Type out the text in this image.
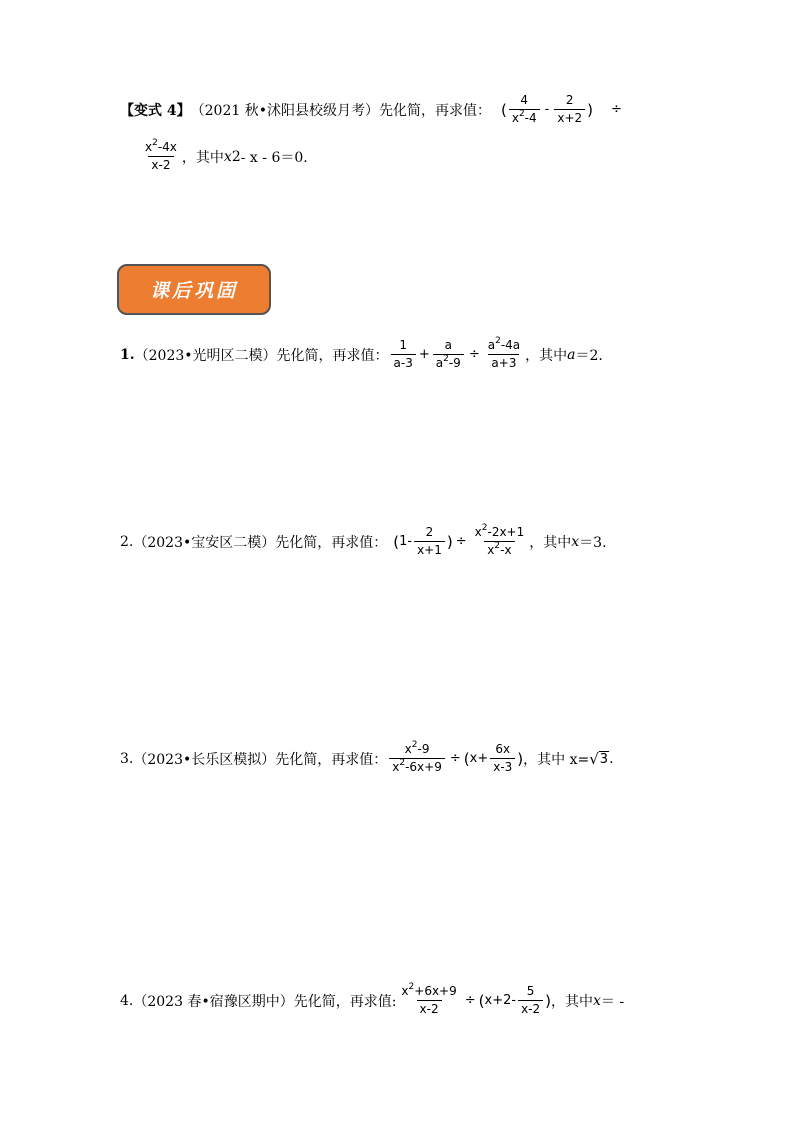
【变式 4】 （2021 秋•沭阳县校级月考） 先化简，再求值： ( $\frac{4}{x^2-4} - \frac{2}{x+2}$ ) ÷
$\frac{x^2-4x}{x-2}$ ，其中 x 2 - x - 6＝0.
课后巩固
1. （2023•光明区二模） 先化简，再求值： $\frac{1}{a-3} + \frac{a}{a^2-9} \div \frac{a^2-4a}{a+3}$ ，其中 a ＝2.
2. （2023•宝安区二模） 先化简，再求值： ( $1- \frac{2}{x+1}$ ) ÷ $\frac{x^2-2x+1}{x^2-x}$ ，其中 x ＝3.
3. （2023•长乐区模拟） 先化简，再求值： $\frac{x^2-9}{x^2-6x+9}$ ÷ ( $x+ \frac{6x}{x-3}$ ) ，其中 x= √ 3 .
4. （2023 春•宿豫区期中） 先化简，再求值: $\frac{x^2+6x+9}{x-2}$ ÷ ( $x+2- \frac{5}{x-2}$ ) ，其中 x ＝ -
